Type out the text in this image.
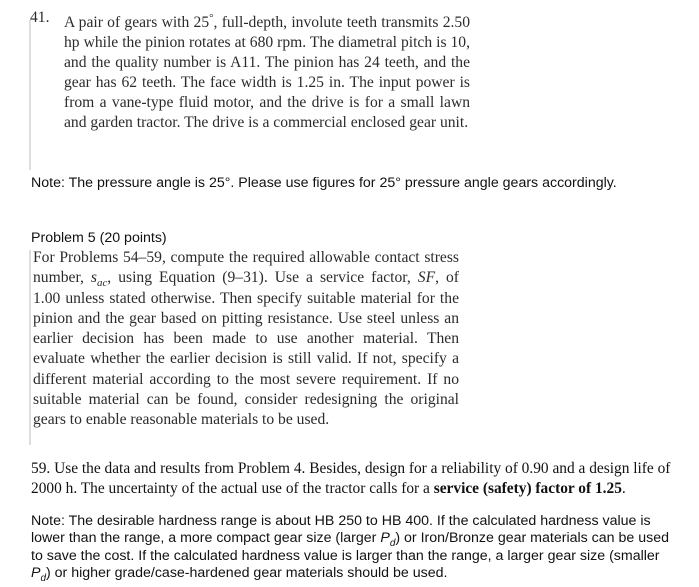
41. A pair of gears with 25°, full-depth, involute teeth transmits 2.50 hp while the pinion rotates at 680 rpm. The diametral pitch is 10, and the quality number is A11. The pinion has 24 teeth, and the gear has 62 teeth. The face width is 1.25 in. The input power is from a vane-type fluid motor, and the drive is for a small lawn and garden tractor. The drive is a commercial enclosed gear unit.
Note: The pressure angle is 25°. Please use figures for 25° pressure angle gears accordingly.
Problem 5 (20 points)
For Problems 54–59, compute the required allowable contact stress number, $s_{ac}$, using Equation (9–31). Use a service factor, SF, of 1.00 unless stated otherwise. Then specify suitable material for the pinion and the gear based on pitting resistance. Use steel unless an earlier decision has been made to use another material. Then evaluate whether the earlier decision is still valid. If not, specify a different material according to the most severe requirement. If no suitable material can be found, consider redesigning the original gears to enable reasonable materials to be used.
59. Use the data and results from Problem 4. Besides, design for a reliability of 0.90 and a design life of 2000 h. The uncertainty of the actual use of the tractor calls for a service (safety) factor of 1.25.
Note: The desirable hardness range is about HB 250 to HB 400. If the calculated hardness value is lower than the range, a more compact gear size (larger $P_d$) or Iron/Bronze gear materials can be used to save the cost. If the calculated hardness value is larger than the range, a larger gear size (smaller $P_d$) or higher grade/case-hardened gear materials should be used.
